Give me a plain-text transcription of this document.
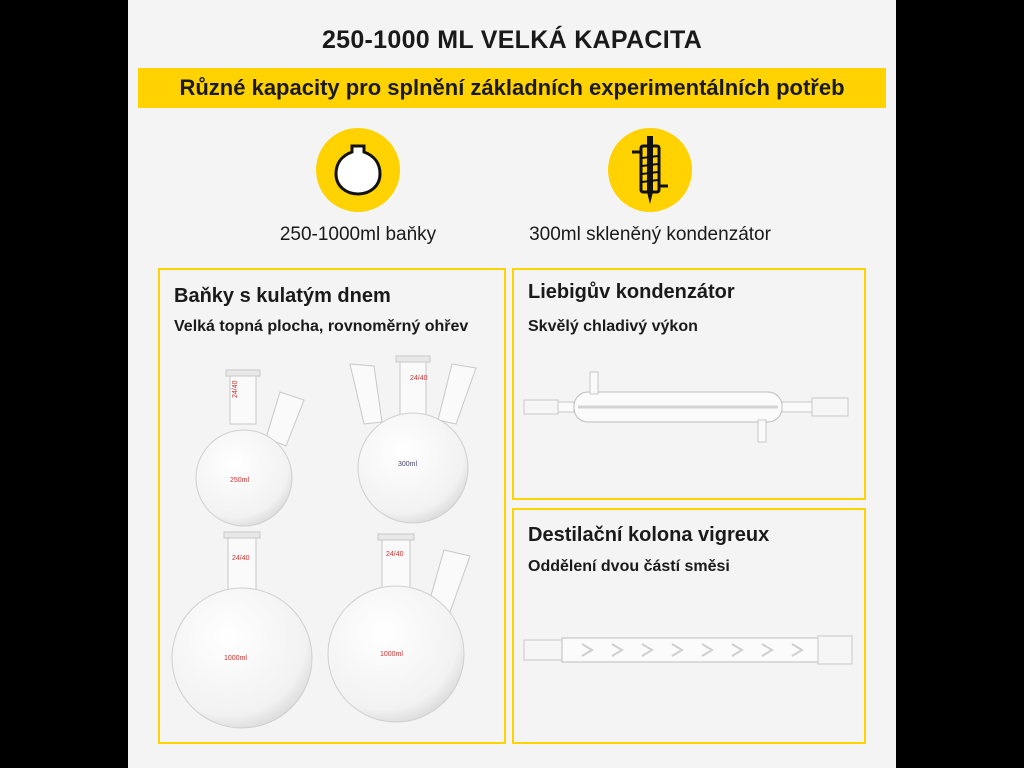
250-1000 ML VELKÁ KAPACITA
Různé kapacity pro splnění základních experimentálních potřeb
250-1000ml baňky	300ml skleněný kondenzátor
Baňky s kulatým dnem
Velká topná plocha, rovnoměrný ohřev
24/40
250ml
300ml
24/40
24/40
1000ml
24/40
1000ml
Liebigův kondenzátor
Skvělý chladivý výkon
Destilační kolona vigreux
Oddělení dvou částí směsi
